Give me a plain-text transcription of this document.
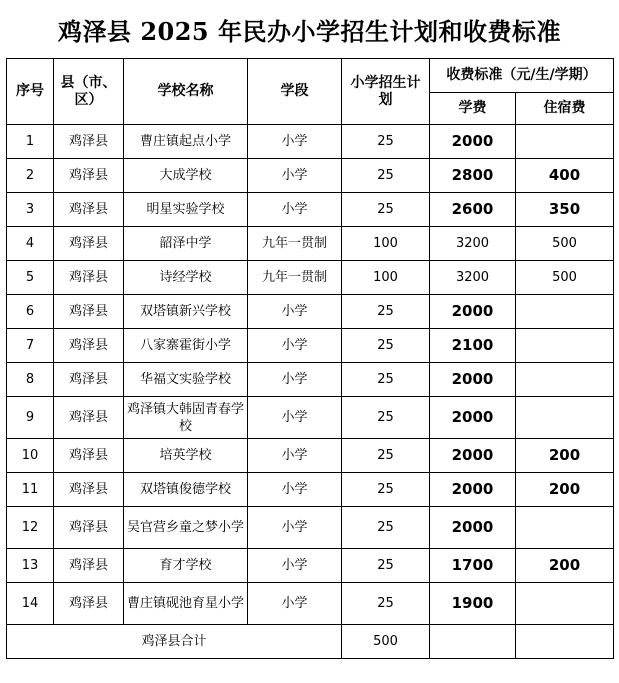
鸡泽县 2025 年民办小学招生计划和收费标准
序号	县（市、区）	学校名称	学段	小学招生计划	收费标准（元/生/学期）	
					学费	住宿费
1	鸡泽县	曹庄镇起点小学	小学	25	2000	
2	鸡泽县	大成学校	小学	25	2800	400
3	鸡泽县	明星实验学校	小学	25	2600	350
4	鸡泽县	韶泽中学	九年一贯制	100	3200	500
5	鸡泽县	诗经学校	九年一贯制	100	3200	500
6	鸡泽县	双塔镇新兴学校	小学	25	2000	
7	鸡泽县	八家寨霍街小学	小学	25	2100	
8	鸡泽县	华福文实验学校	小学	25	2000	
9	鸡泽县	鸡泽镇大韩固青春学校	小学	25	2000	
10	鸡泽县	培英学校	小学	25	2000	200
11	鸡泽县	双塔镇俊德学校	小学	25	2000	200
12	鸡泽县	吴官营乡童之梦小学	小学	25	2000	
13	鸡泽县	育才学校	小学	25	1700	200
14	鸡泽县	曹庄镇砚池育星小学	小学	25	1900	
鸡泽县合计				500		
